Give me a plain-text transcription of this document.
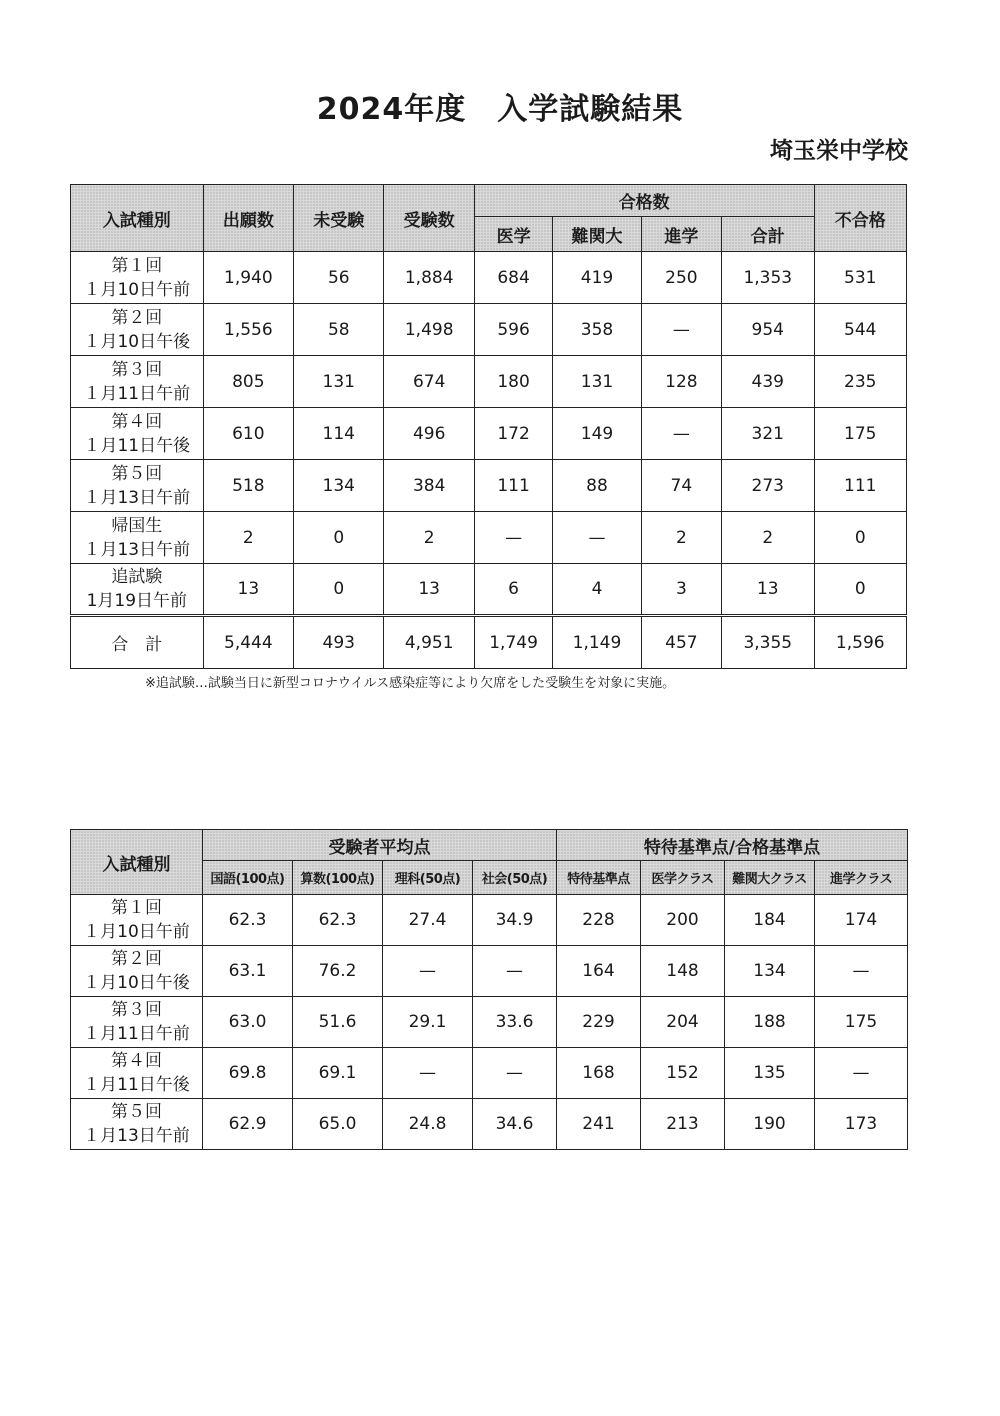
2024年度　入学試験結果
埼玉栄中学校
入試種別	出願数	未受験	受験数	合格数				不合格
				医学	難関大	進学	合計	

第１回
１月10日午前	1,940	56	1,884	684	419	250	1,353	531

第２回
１月10日午後	1,556	58	1,498	596	358	—	954	544

第３回
１月11日午前	805	131	674	180	131	128	439	235

第４回
１月11日午後	610	114	496	172	149	—	321	175

第５回
１月13日午前	518	134	384	111	88	74	273	111

帰国生
１月13日午前	2	0	2	—	—	2	2	0

追試験
1月19日午前	13	0	13	6	4	3	13	0
合　計	5,444	493	4,951	1,749	1,149	457	3,355	1,596
※追試験…試験当日に新型コロナウイルス感染症等により欠席をした受験生を対象に実施。
入試種別	受験者平均点				特待基準点/合格基準点			
	国語(100点)	算数(100点)	理科(50点)	社会(50点)	特待基準点	医学クラス	難関大クラス	進学クラス

第１回
１月10日午前	62.3	62.3	27.4	34.9	228	200	184	174

第２回
１月10日午後	63.1	76.2	—	—	164	148	134	—

第３回
１月11日午前	63.0	51.6	29.1	33.6	229	204	188	175

第４回
１月11日午後	69.8	69.1	—	—	168	152	135	—

第５回
１月13日午前	62.9	65.0	24.8	34.6	241	213	190	173
